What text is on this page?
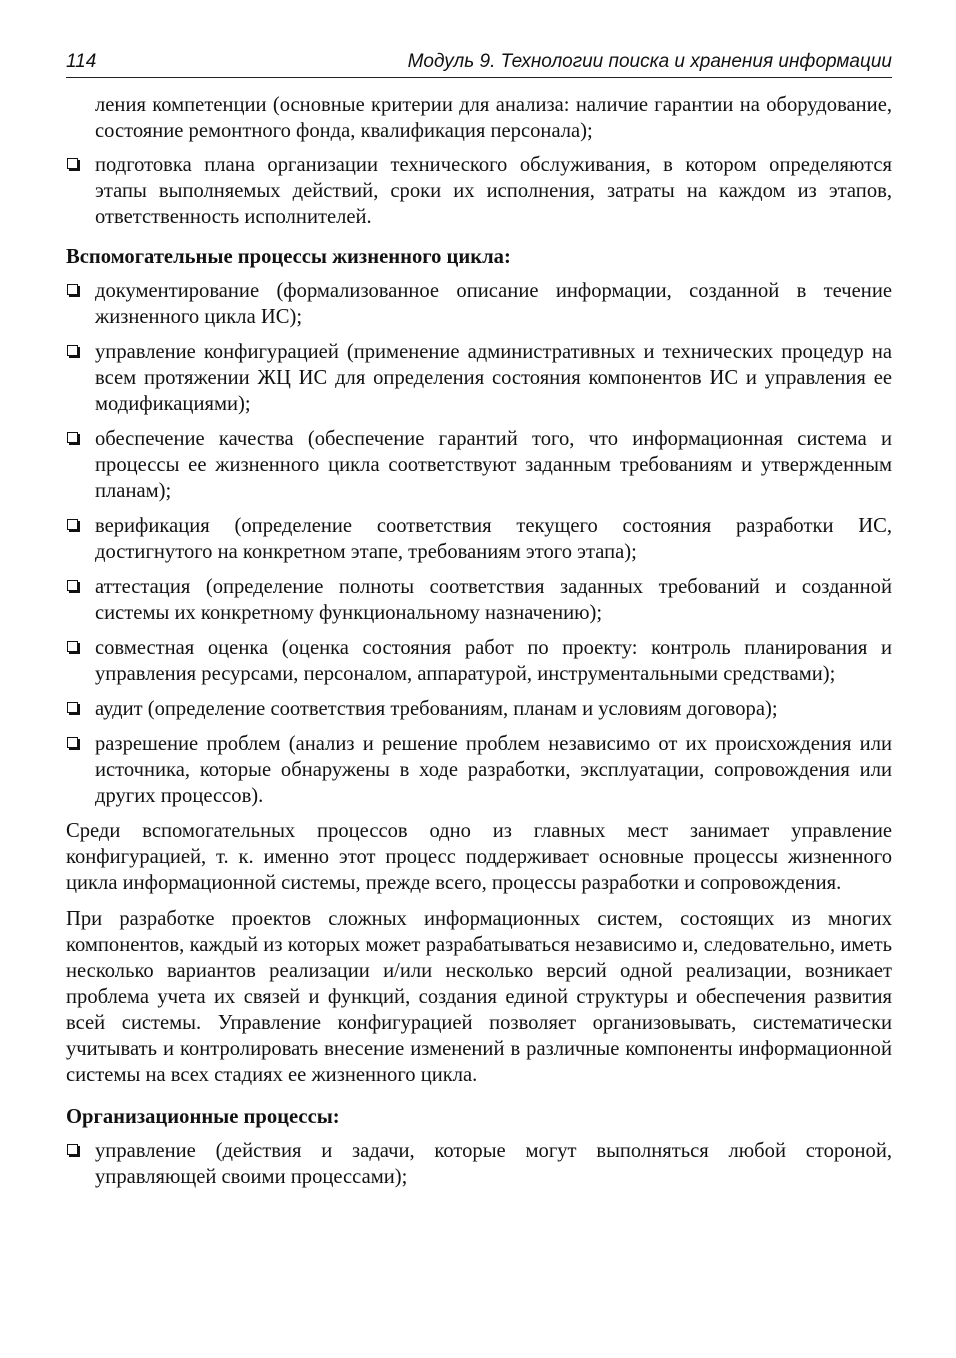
114	Модуль 9. Технологии поиска и хранения информации

ления компетенции (основные критерии для анализа: наличие гарантии на оборудование, состояние ремонтного фонда, квалификация персонала);

подготовка плана организации технического обслуживания, в котором определяются этапы выполняемых действий, сроки их исполнения, затраты на каждом из этапов, ответственность исполнителей.

Вспомогательные процессы жизненного цикла:

документирование (формализованное описание информации, созданной в течение жизненного цикла ИС);
управление конфигурацией (применение административных и технических процедур на всем протяжении ЖЦ ИС для определения состояния компонентов ИС и управления ее модификациями);
обеспечение качества (обеспечение гарантий того, что информационная система и процессы ее жизненного цикла соответствуют заданным требованиям и утвержденным планам);
верификация (определение соответствия текущего состояния разработки ИС, достигнутого на конкретном этапе, требованиям этого этапа);
аттестация (определение полноты соответствия заданных требований и созданной системы их конкретному функциональному назначению);
совместная оценка (оценка состояния работ по проекту: контроль планирования и управления ресурсами, персоналом, аппаратурой, инструментальными средствами);
аудит (определение соответствия требованиям, планам и условиям договора);
разрешение проблем (анализ и решение проблем независимо от их происхождения или источника, которые обнаружены в ходе разработки, эксплуатации, сопровождения или других процессов).

Среди вспомогательных процессов одно из главных мест занимает управление конфигурацией, т. к. именно этот процесс поддерживает основные процессы жизненного цикла информационной системы, прежде всего, процессы разработки и сопровождения.

При разработке проектов сложных информационных систем, состоящих из многих компонентов, каждый из которых может разрабатываться независимо и, следовательно, иметь несколько вариантов реализации и/или несколько версий одной реализации, возникает проблема учета их связей и функций, создания единой структуры и обеспечения развития всей системы. Управление конфигурацией позволяет организовывать, систематически учитывать и контролировать внесение изменений в различные компоненты информационной системы на всех стадиях ее жизненного цикла.

Организационные процессы:

управление (действия и задачи, которые могут выполняться любой стороной, управляющей своими процессами);
